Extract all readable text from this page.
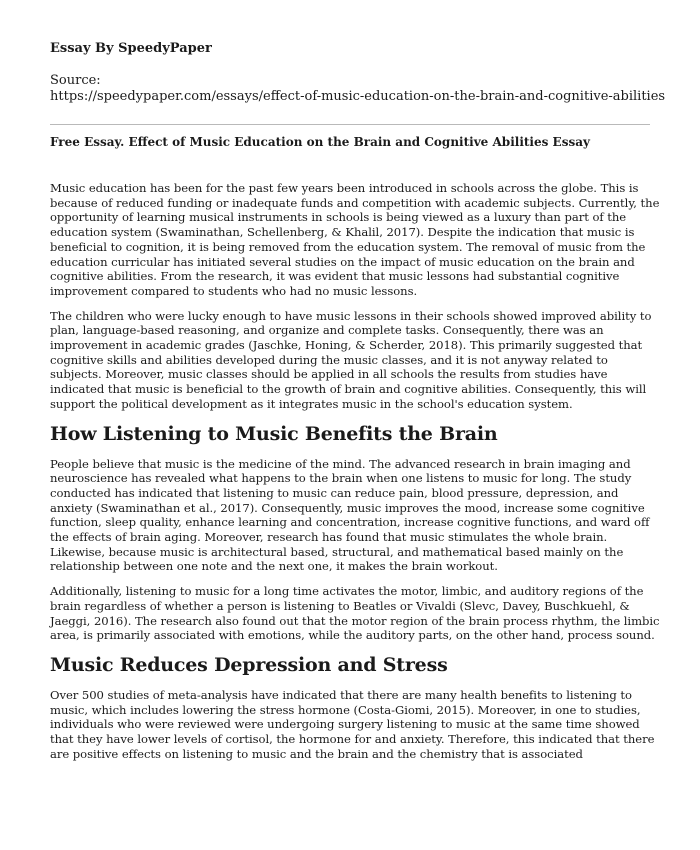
Essay By SpeedyPaper
Source:
https://speedypaper.com/essays/effect-of-music-education-on-the-brain-and-cognitive-abilities
Free Essay. Effect of Music Education on the Brain and Cognitive Abilities Essay

Music education has been for the past few years been introduced in schools across the globe. This is because of reduced funding or inadequate funds and competition with academic subjects. Currently, the opportunity of learning musical instruments in schools is being viewed as a luxury than part of the education system (Swaminathan, Schellenberg, & Khalil, 2017). Despite the indication that music is beneficial to cognition, it is being removed from the education system. The removal of music from the education curricular has initiated several studies on the impact of music education on the brain and cognitive abilities. From the research, it was evident that music lessons had substantial cognitive improvement compared to students who had no music lessons.

The children who were lucky enough to have music lessons in their schools showed improved ability to plan, language-based reasoning, and organize and complete tasks. Consequently, there was an improvement in academic grades (Jaschke, Honing, & Scherder, 2018). This primarily suggested that cognitive skills and abilities developed during the music classes, and it is not anyway related to subjects. Moreover, music classes should be applied in all schools the results from studies have indicated that music is beneficial to the growth of brain and cognitive abilities. Consequently, this will support the political development as it integrates music in the school's education system.

How Listening to Music Benefits the Brain

People believe that music is the medicine of the mind. The advanced research in brain imaging and neuroscience has revealed what happens to the brain when one listens to music for long. The study conducted has indicated that listening to music can reduce pain, blood pressure, depression, and anxiety (Swaminathan et al., 2017). Consequently, music improves the mood, increase some cognitive function, sleep quality, enhance learning and concentration, increase cognitive functions, and ward off the effects of brain aging. Moreover, research has found that music stimulates the whole brain. Likewise, because music is architectural based, structural, and mathematical based mainly on the relationship between one note and the next one, it makes the brain workout.

Additionally, listening to music for a long time activates the motor, limbic, and auditory regions of the brain regardless of whether a person is listening to Beatles or Vivaldi (Slevc, Davey, Buschkuehl, & Jaeggi, 2016). The research also found out that the motor region of the brain process rhythm, the limbic area, is primarily associated with emotions, while the auditory parts, on the other hand, process sound.

Music Reduces Depression and Stress

Over 500 studies of meta-analysis have indicated that there are many health benefits to listening to music, which includes lowering the stress hormone (Costa-Giomi, 2015). Moreover, in one to studies, individuals who were reviewed were undergoing surgery listening to music at the same time showed that they have lower levels of cortisol, the hormone for and anxiety. Therefore, this indicated that there are positive effects on listening to music and the brain and the chemistry that is associated
